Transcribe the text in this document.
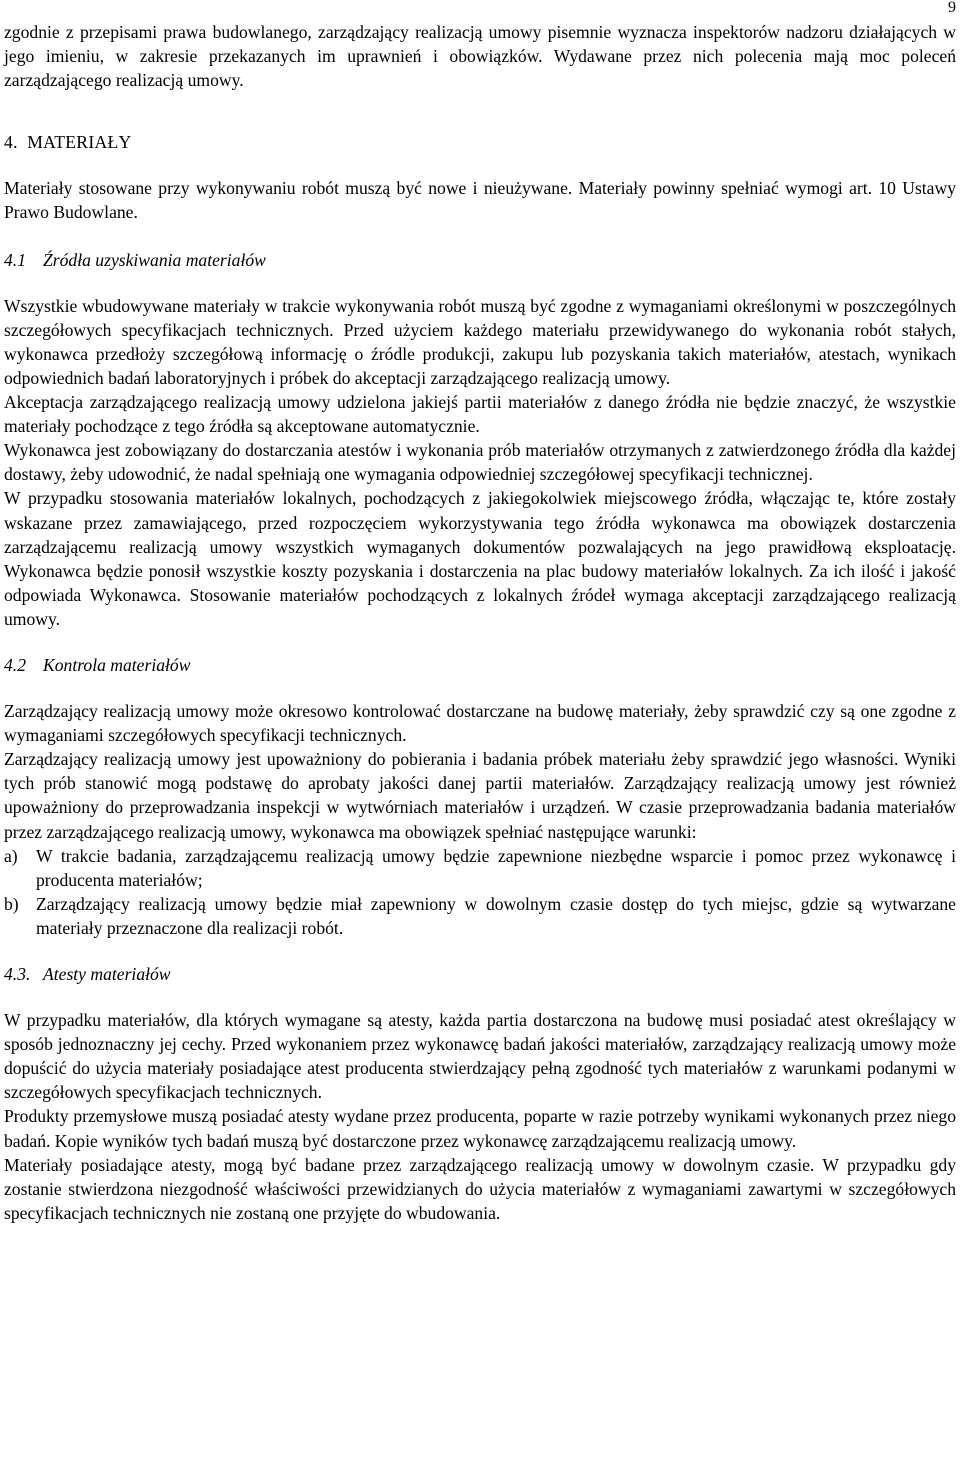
9

zgodnie z przepisami prawa budowlanego, zarządzający realizacją umowy pisemnie wyznacza inspektorów nadzoru działających w jego imieniu, w zakresie przekazanych im uprawnień i obowiązków. Wydawane przez nich polecenia mają moc poleceń zarządzającego realizacją umowy.

4. MATERIAŁY

Materiały stosowane przy wykonywaniu robót muszą być nowe i nieużywane. Materiały powinny spełniać wymogi art. 10 Ustawy Prawo Budowlane.

4.1 Źródła uzyskiwania materiałów

Wszystkie wbudowywane materiały w trakcie wykonywania robót muszą być zgodne z wymaganiami określonymi w poszczególnych szczegółowych specyfikacjach technicznych. Przed użyciem każdego materiału przewidywanego do wykonania robót stałych, wykonawca przedłoży szczegółową informację o źródle produkcji, zakupu lub pozyskania takich materiałów, atestach, wynikach odpowiednich badań laboratoryjnych i próbek do akceptacji zarządzającego realizacją umowy.

Akceptacja zarządzającego realizacją umowy udzielona jakiejś partii materiałów z danego źródła nie będzie znaczyć, że wszystkie materiały pochodzące z tego źródła są akceptowane automatycznie.

Wykonawca jest zobowiązany do dostarczania atestów i wykonania prób materiałów otrzymanych z zatwierdzonego źródła dla każdej dostawy, żeby udowodnić, że nadal spełniają one wymagania odpowiedniej szczegółowej specyfikacji technicznej.

W przypadku stosowania materiałów lokalnych, pochodzących z jakiegokolwiek miejscowego źródła, włączając te, które zostały wskazane przez zamawiającego, przed rozpoczęciem wykorzystywania tego źródła wykonawca ma obowiązek dostarczenia zarządzającemu realizacją umowy wszystkich wymaganych dokumentów pozwalających na jego prawidłową eksploatację. Wykonawca będzie ponosił wszystkie koszty pozyskania i dostarczenia na plac budowy materiałów lokalnych. Za ich ilość i jakość odpowiada Wykonawca. Stosowanie materiałów pochodzących z lokalnych źródeł wymaga akceptacji zarządzającego realizacją umowy.

4.2 Kontrola materiałów

Zarządzający realizacją umowy może okresowo kontrolować dostarczane na budowę materiały, żeby sprawdzić czy są one zgodne z wymaganiami szczegółowych specyfikacji technicznych.

Zarządzający realizacją umowy jest upoważniony do pobierania i badania próbek materiału żeby sprawdzić jego własności. Wyniki tych prób stanowić mogą podstawę do aprobaty jakości danej partii materiałów. Zarządzający realizacją umowy jest również upoważniony do przeprowadzania inspekcji w wytwórniach materiałów i urządzeń. W czasie przeprowadzania badania materiałów przez zarządzającego realizacją umowy, wykonawca ma obowiązek spełniać następujące warunki:

a) W trakcie badania, zarządzającemu realizacją umowy będzie zapewnione niezbędne wsparcie i pomoc przez wykonawcę i producenta materiałów;
b) Zarządzający realizacją umowy będzie miał zapewniony w dowolnym czasie dostęp do tych miejsc, gdzie są wytwarzane materiały przeznaczone dla realizacji robót.
4.3. Atesty materiałów

W przypadku materiałów, dla których wymagane są atesty, każda partia dostarczona na budowę musi posiadać atest określający w sposób jednoznaczny jej cechy. Przed wykonaniem przez wykonawcę badań jakości materiałów, zarządzający realizacją umowy może dopuścić do użycia materiały posiadające atest producenta stwierdzający pełną zgodność tych materiałów z warunkami podanymi w szczegółowych specyfikacjach technicznych.

Produkty przemysłowe muszą posiadać atesty wydane przez producenta, poparte w razie potrzeby wynikami wykonanych przez niego badań. Kopie wyników tych badań muszą być dostarczone przez wykonawcę zarządzającemu realizacją umowy.

Materiały posiadające atesty, mogą być badane przez zarządzającego realizacją umowy w dowolnym czasie. W przypadku gdy zostanie stwierdzona niezgodność właściwości przewidzianych do użycia materiałów z wymaganiami zawartymi w szczegółowych specyfikacjach technicznych nie zostaną one przyjęte do wbudowania.
